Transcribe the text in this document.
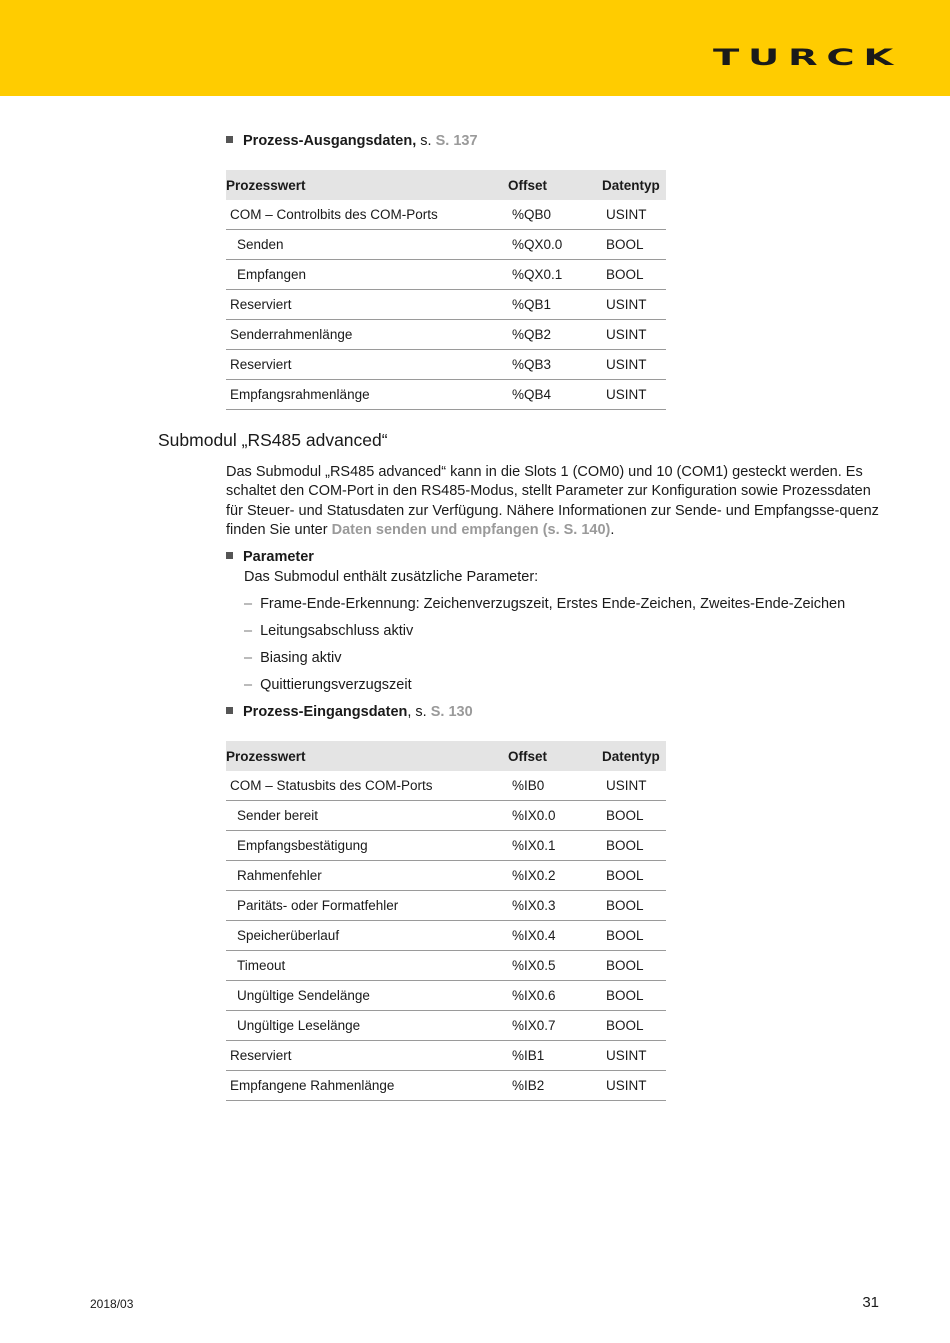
TURCK
Prozess-Ausgangsdaten, s. S. 137
Prozesswert	Offset	Datentyp
COM – Controlbits des COM-Ports	%QB0	USINT
Senden	%QX0.0	BOOL
Empfangen	%QX0.1	BOOL
Reserviert	%QB1	USINT
Senderrahmenlänge	%QB2	USINT
Reserviert	%QB3	USINT
Empfangsrahmenlänge	%QB4	USINT
Submodul „RS485 advanced“

Das Submodul „RS485 advanced“ kann in die Slots 1 (COM0) und 10 (COM1) gesteckt werden. Es schaltet den COM-Port in den RS485-Modus, stellt Parameter zur Konfiguration sowie Prozessdaten für Steuer- und Statusdaten zur Verfügung. Nähere Informationen zur Sende- und Empfangsse-quenz finden Sie unter Daten senden und empfangen (s. S. 140).

Parameter
Das Submodul enthält zusätzliche Parameter:
– Frame-Ende-Erkennung: Zeichenverzugszeit, Erstes Ende-Zeichen, Zweites-Ende-Zeichen
– Leitungsabschluss aktiv
– Biasing aktiv
– Quittierungsverzugszeit
Prozess-Eingangsdaten, s. S. 130
Prozesswert	Offset	Datentyp
COM – Statusbits des COM-Ports	%IB0	USINT
Sender bereit	%IX0.0	BOOL
Empfangsbestätigung	%IX0.1	BOOL
Rahmenfehler	%IX0.2	BOOL
Paritäts- oder Formatfehler	%IX0.3	BOOL
Speicherüberlauf	%IX0.4	BOOL
Timeout	%IX0.5	BOOL
Ungültige Sendelänge	%IX0.6	BOOL
Ungültige Leselänge	%IX0.7	BOOL
Reserviert	%IB1	USINT
Empfangene Rahmenlänge	%IB2	USINT
2018/03	31
